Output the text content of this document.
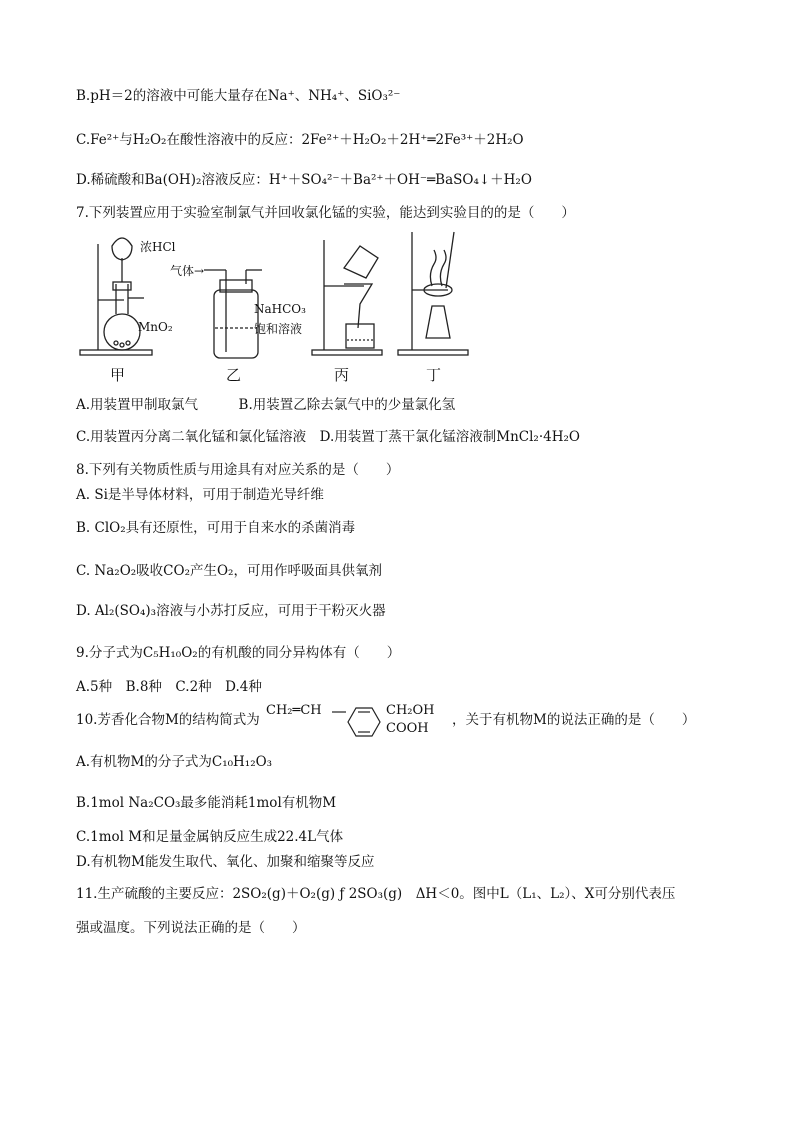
B.pH＝2的溶液中可能大量存在Na⁺、NH₄⁺、SiO₃²⁻
C.Fe²⁺与H₂O₂在酸性溶液中的反应：2Fe²⁺＋H₂O₂＋2H⁺═2Fe³⁺＋2H₂O
D.稀硫酸和Ba(OH)₂溶液反应：H⁺＋SO₄²⁻＋Ba²⁺＋OH⁻═BaSO₄↓＋H₂O
7.下列装置应用于实验室制氯气并回收氯化锰的实验，能达到实验目的的是（　　）
浓HCl
MnO₂
气体→
NaHCO₃
饱和溶液
甲	乙	丙	丁
A.用装置甲制取氯气　　　B.用装置乙除去氯气中的少量氯化氢
C.用装置丙分离二氧化锰和氯化锰溶液　D.用装置丁蒸干氯化锰溶液制MnCl₂·4H₂O
8.下列有关物质性质与用途具有对应关系的是（　　）
A. Si是半导体材料，可用于制造光导纤维
B. ClO₂具有还原性，可用于自来水的杀菌消毒
C. Na₂O₂吸收CO₂产生O₂，可用作呼吸面具供氧剂
D. Al₂(SO₄)₃溶液与小苏打反应，可用于干粉灭火器
9.分子式为C₅H₁₀O₂的有机酸的同分异构体有（　　）
A.5种　B.8种　C.2种　D.4种
10.芳香化合物M的结构简式为
CH₂═CH	CH₂OH
COOH
，关于有机物M的说法正确的是（　　）
A.有机物M的分子式为C₁₀H₁₂O₃
B.1mol Na₂CO₃最多能消耗1mol有机物M
C.1mol M和足量金属钠反应生成22.4L气体
D.有机物M能发生取代、氧化、加聚和缩聚等反应
11.生产硫酸的主要反应：2SO₂(g)＋O₂(g) ƒ 2SO₃(g)　ΔH＜0。图中L（L₁、L₂）、X可分别代表压
强或温度。下列说法正确的是（　　）
